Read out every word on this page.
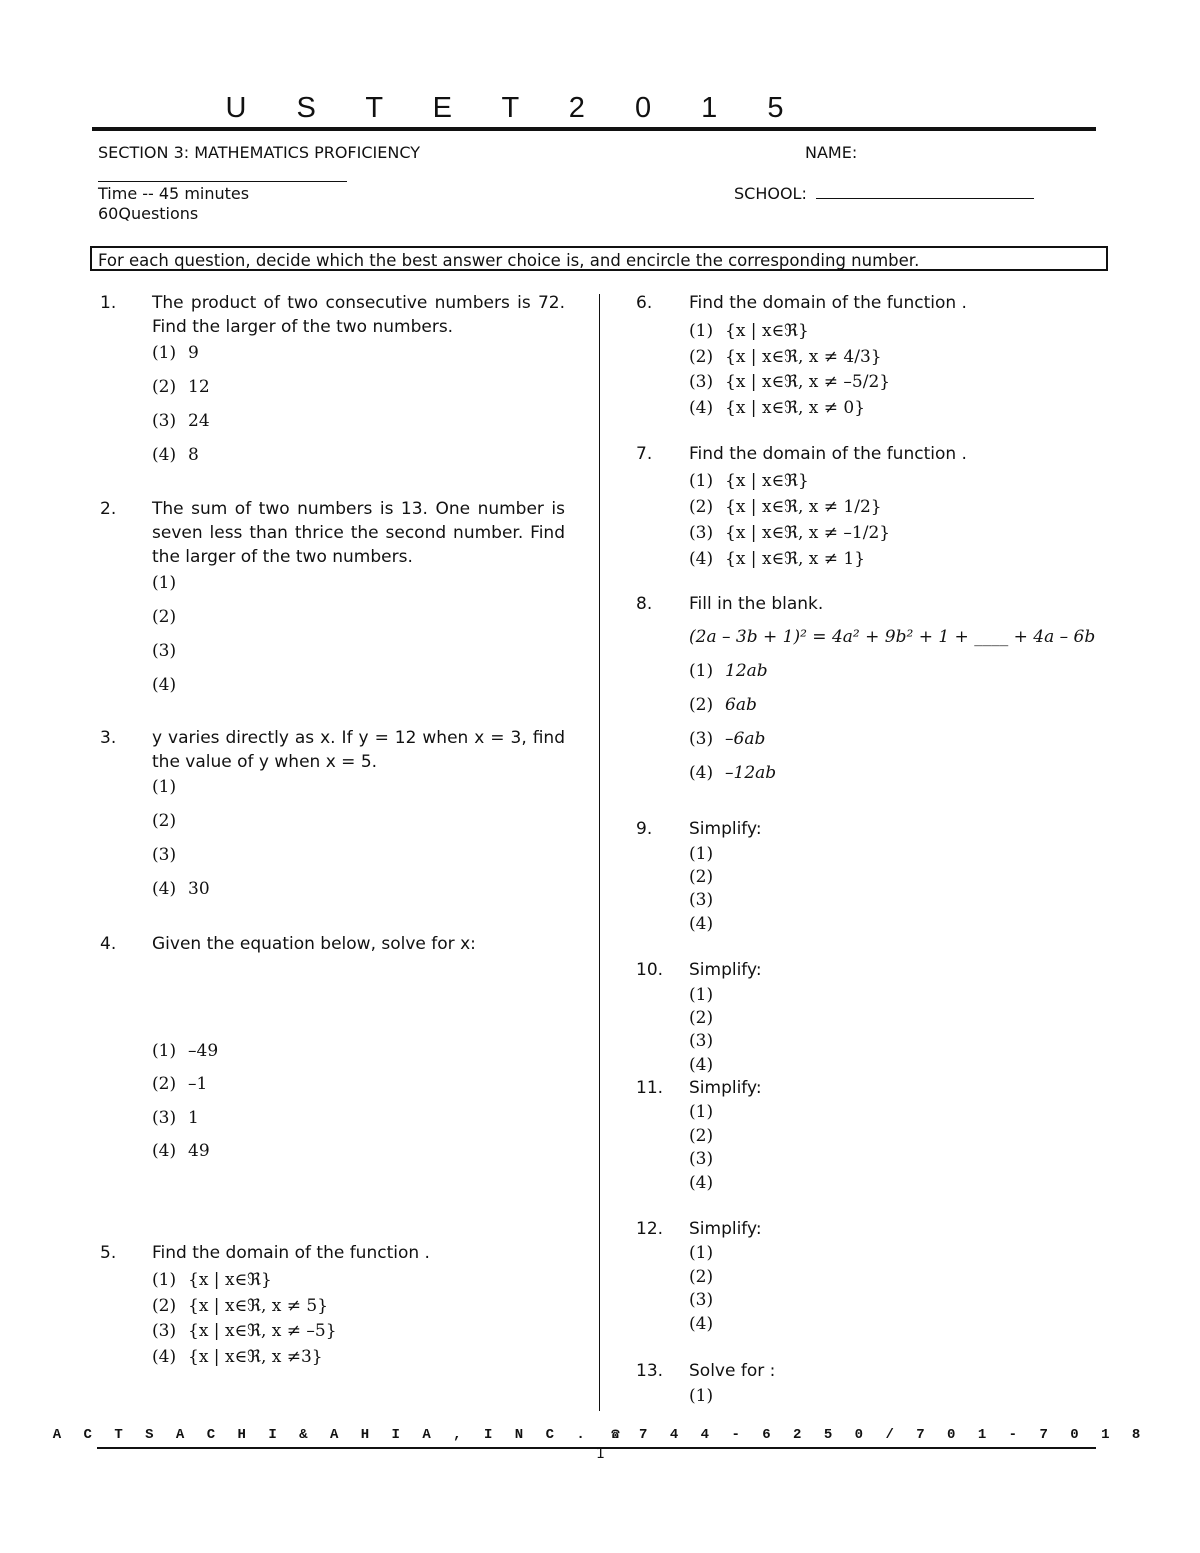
U S T E T 2 0 1 5
SECTION 3: MATHEMATICS PROFICIENCY
Time -- 45 minutes
60Questions
NAME:
SCHOOL:
For each question, decide which the best answer choice is, and encircle the corresponding number.
1. The product of two consecutive numbers is 72. Find the larger of the two numbers.
(1) 9
(2) 12
(3) 24
(4) 8
2. The sum of two numbers is 13. One number is seven less than thrice the second number. Find the larger of the two numbers.
(1)
(2)
(3)
(4)
3. y varies directly as x. If y = 12 when x = 3, find the value of y when x = 5.
(1)
(2)
(3)
(4) 30
4. Given the equation below, solve for x:
(1) –49
(2) –1
(3) 1
(4) 49
5. Find the domain of the function .
(1) {x | x∈ℜ}
(2) {x | x∈ℜ, x ≠ 5}
(3) {x | x∈ℜ, x ≠ –5}
(4) {x | x∈ℜ, x ≠3}
6. Find the domain of the function .
(1) {x | x∈ℜ}
(2) {x | x∈ℜ, x ≠ 4/3}
(3) {x | x∈ℜ, x ≠ –5/2}
(4) {x | x∈ℜ, x ≠ 0}
7. Find the domain of the function .
(1) {x | x∈ℜ}
(2) {x | x∈ℜ, x ≠ 1/2}
(3) {x | x∈ℜ, x ≠ –1/2}
(4) {x | x∈ℜ, x ≠ 1}
8. Fill in the blank.
(2a – 3b + 1)² = 4a² + 9b² + 1 + ____ + 4a – 6b
(1) 12ab
(2) 6ab
(3) –6ab
(4) –12ab
9. Simplify:
(1)
(2)
(3)
(4)
10. Simplify:
(1)
(2)
(3)
(4)
11. Simplify:
(1)
(2)
(3)
(4)
12. Simplify:
(1)
(2)
(3)
(4)
13. Solve for :
(1)
A C T S A C H I & A H I A , I N C . ☎ 7 4 4 - 6 2 5 0 / 7 0 1 - 7 0 1 8
1
